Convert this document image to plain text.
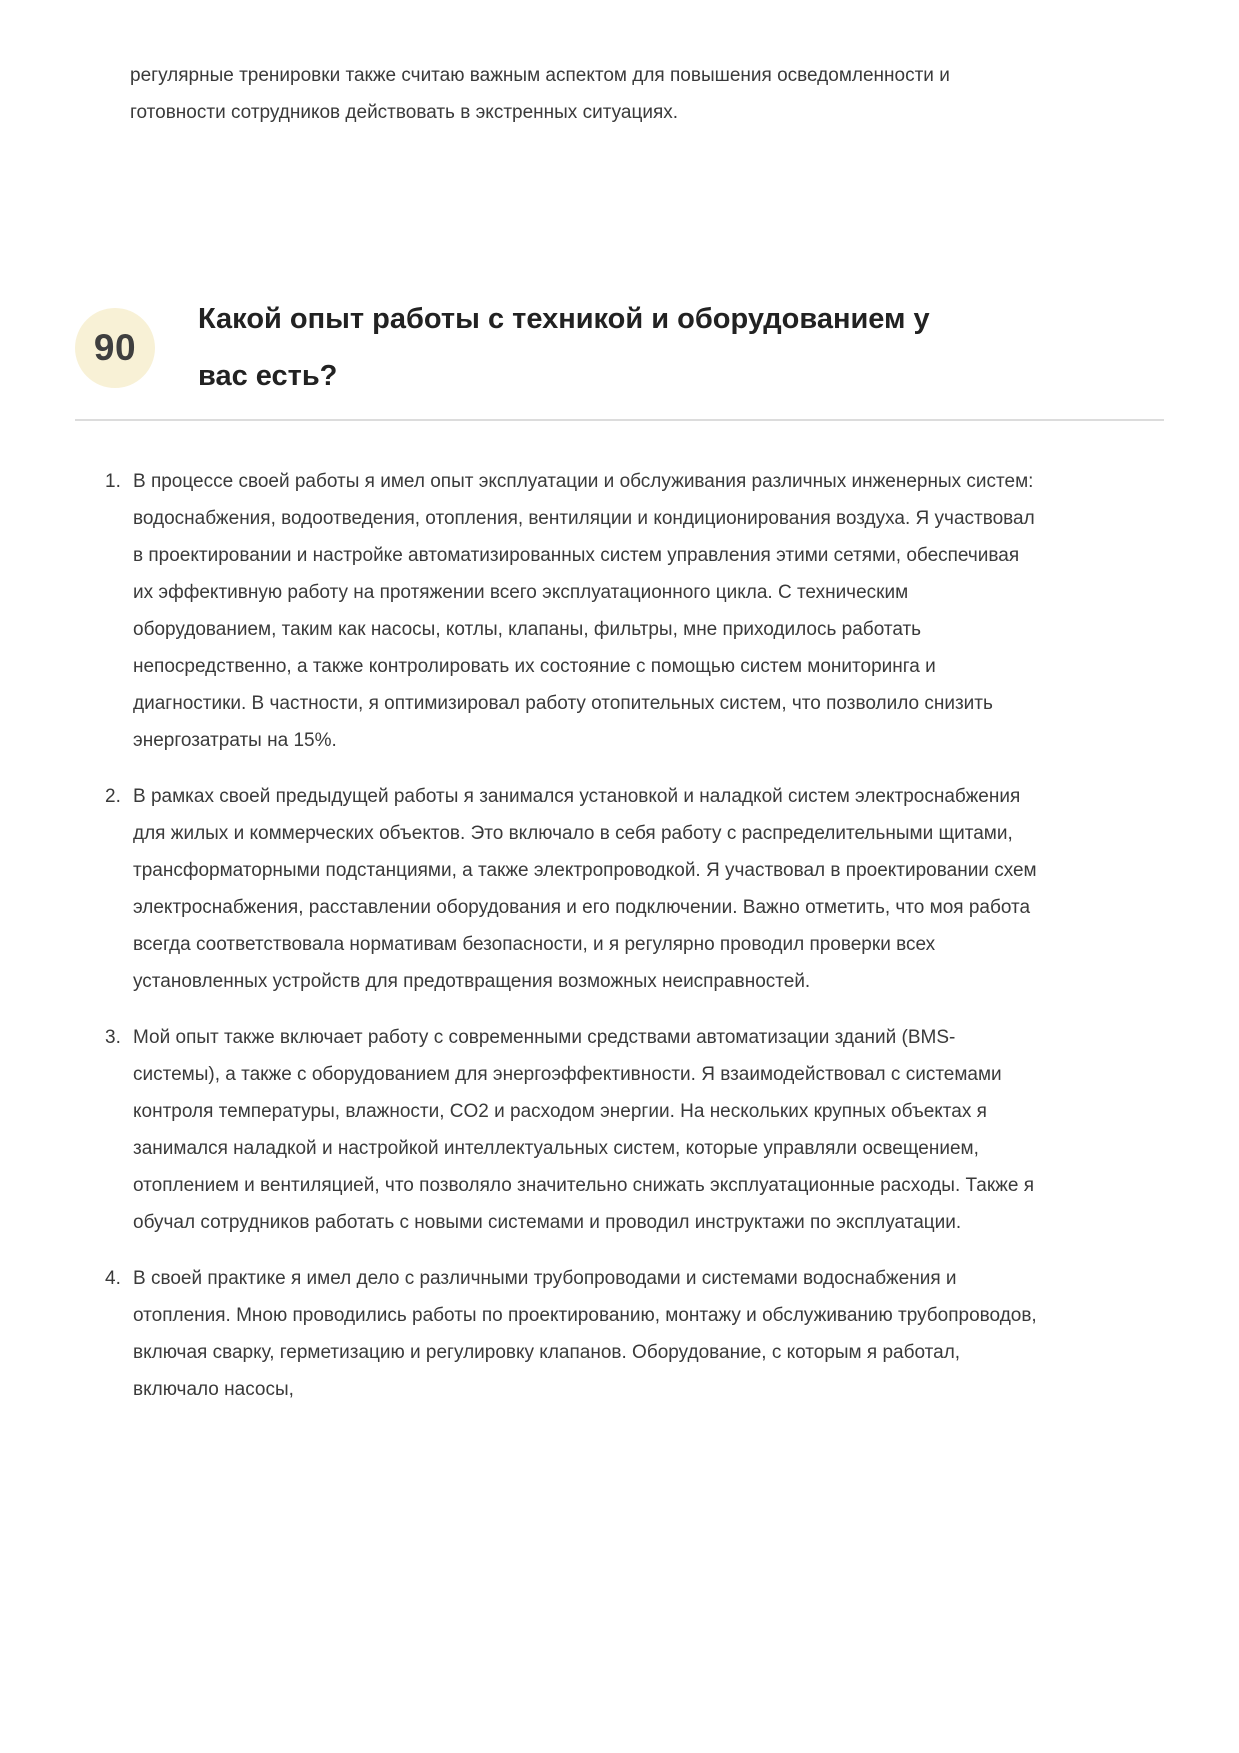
регулярные тренировки также считаю важным аспектом для повышения осведомленности и готовности сотрудников действовать в экстренных ситуациях.

90
Какой опыт работы с техникой и оборудованием у вас есть?
1. В процессе своей работы я имел опыт эксплуатации и обслуживания различных инженерных систем: водоснабжения, водоотведения, отопления, вентиляции и кондиционирования воздуха. Я участвовал в проектировании и настройке автоматизированных систем управления этими сетями, обеспечивая их эффективную работу на протяжении всего эксплуатационного цикла. С техническим оборудованием, таким как насосы, котлы, клапаны, фильтры, мне приходилось работать непосредственно, а также контролировать их состояние с помощью систем мониторинга и диагностики. В частности, я оптимизировал работу отопительных систем, что позволило снизить энергозатраты на 15%.
2. В рамках своей предыдущей работы я занимался установкой и наладкой систем электроснабжения для жилых и коммерческих объектов. Это включало в себя работу с распределительными щитами, трансформаторными подстанциями, а также электропроводкой. Я участвовал в проектировании схем электроснабжения, расставлении оборудования и его подключении. Важно отметить, что моя работа всегда соответствовала нормативам безопасности, и я регулярно проводил проверки всех установленных устройств для предотвращения возможных неисправностей.
3. Мой опыт также включает работу с современными средствами автоматизации зданий (BMS-системы), а также с оборудованием для энергоэффективности. Я взаимодействовал с системами контроля температуры, влажности, CO2 и расходом энергии. На нескольких крупных объектах я занимался наладкой и настройкой интеллектуальных систем, которые управляли освещением, отоплением и вентиляцией, что позволяло значительно снижать эксплуатационные расходы. Также я обучал сотрудников работать с новыми системами и проводил инструктажи по эксплуатации.
4. В своей практике я имел дело с различными трубопроводами и системами водоснабжения и отопления. Мною проводились работы по проектированию, монтажу и обслуживанию трубопроводов, включая сварку, герметизацию и регулировку клапанов. Оборудование, с которым я работал, включало насосы,
